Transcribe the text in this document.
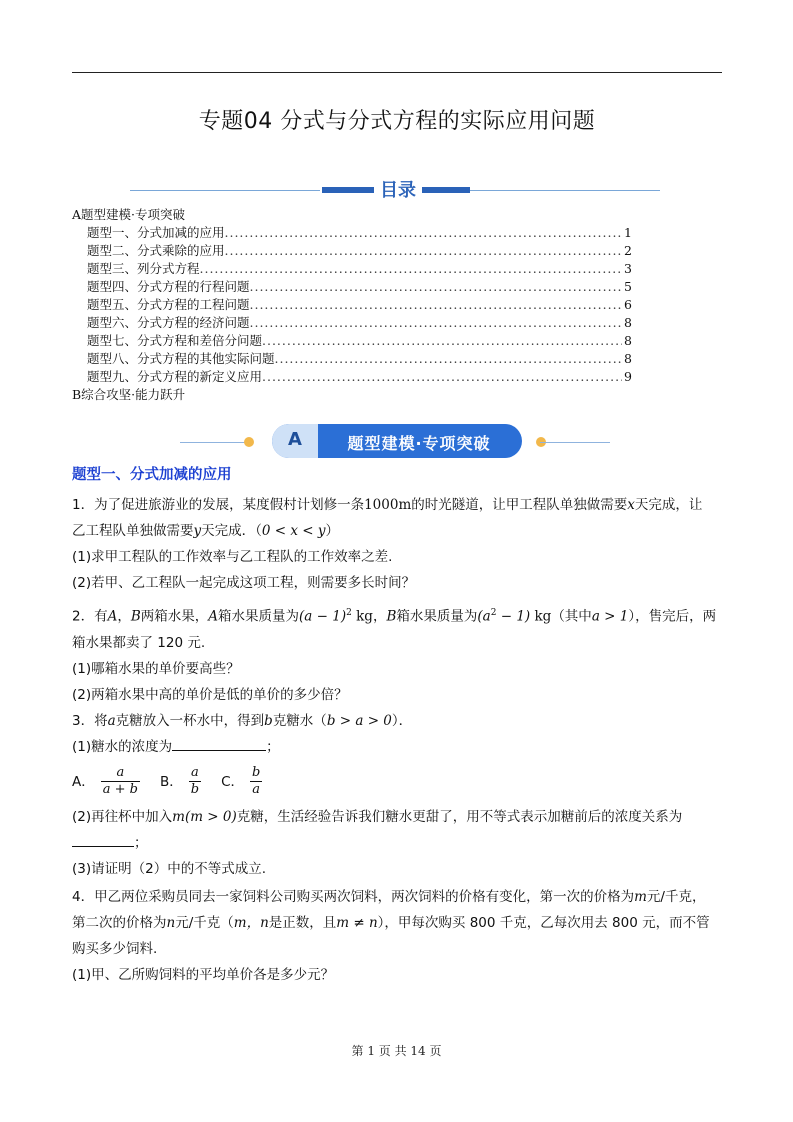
专题04 分式与分式方程的实际应用问题
目录
A题型建模·专项突破
题型一、分式加减的应用 .....	1
题型二、分式乘除的应用 .....	2
题型三、列分式方程 .....	3
题型四、分式方程的行程问题 .....	5
题型五、分式方程的工程问题 .....	6
题型六、分式方程的经济问题 .....	8
题型七、分式方程和差倍分问题 .....	8
题型八、分式方程的其他实际问题 .....	8
题型九、分式方程的新定义应用 .....	9
B综合攻坚·能力跃升
A	题型建模·专项突破
题型一、分式加减的应用

1．为了促进旅游业的发展，某度假村计划修一条1000m的时光隧道，让甲工程队单独做需要x天完成，让

乙工程队单独做需要y天完成．（0 < x < y）

(1)求甲工程队的工作效率与乙工程队的工作效率之差.

(2)若甲、乙工程队一起完成这项工程，则需要多长时间？

2．有A，B两箱水果，A箱水果质量为$(a - 1)^2$ kg，B箱水果质量为$(a^2 - 1)$ kg（其中a > 1），售完后，两

箱水果都卖了 120 元.

(1)哪箱水果的单价要高些？

(2)两箱水果中高的单价是低的单价的多少倍？

3．将a克糖放入一杯水中，得到b克糖水（b > a > 0）．

(1)糖水的浓度为	；

A． $\frac{a}{a + b}$ B． $\frac{a}{b}$ C． $\frac{b}{a}$

(2)再往杯中加入m(m > 0)克糖，生活经验告诉我们糖水更甜了，用不等式表示加糖前后的浓度关系为

；

(3)请证明（2）中的不等式成立.

4．甲乙两位采购员同去一家饲料公司购买两次饲料，两次饲料的价格有变化，第一次的价格为m元/千克，

第二次的价格为n元/千克（m，n是正数，且m ≠ n），甲每次购买 800 千克，乙每次用去 800 元，而不管

购买多少饲料.

(1)甲、乙所购饲料的平均单价各是多少元？

第 1 页 共 14 页
